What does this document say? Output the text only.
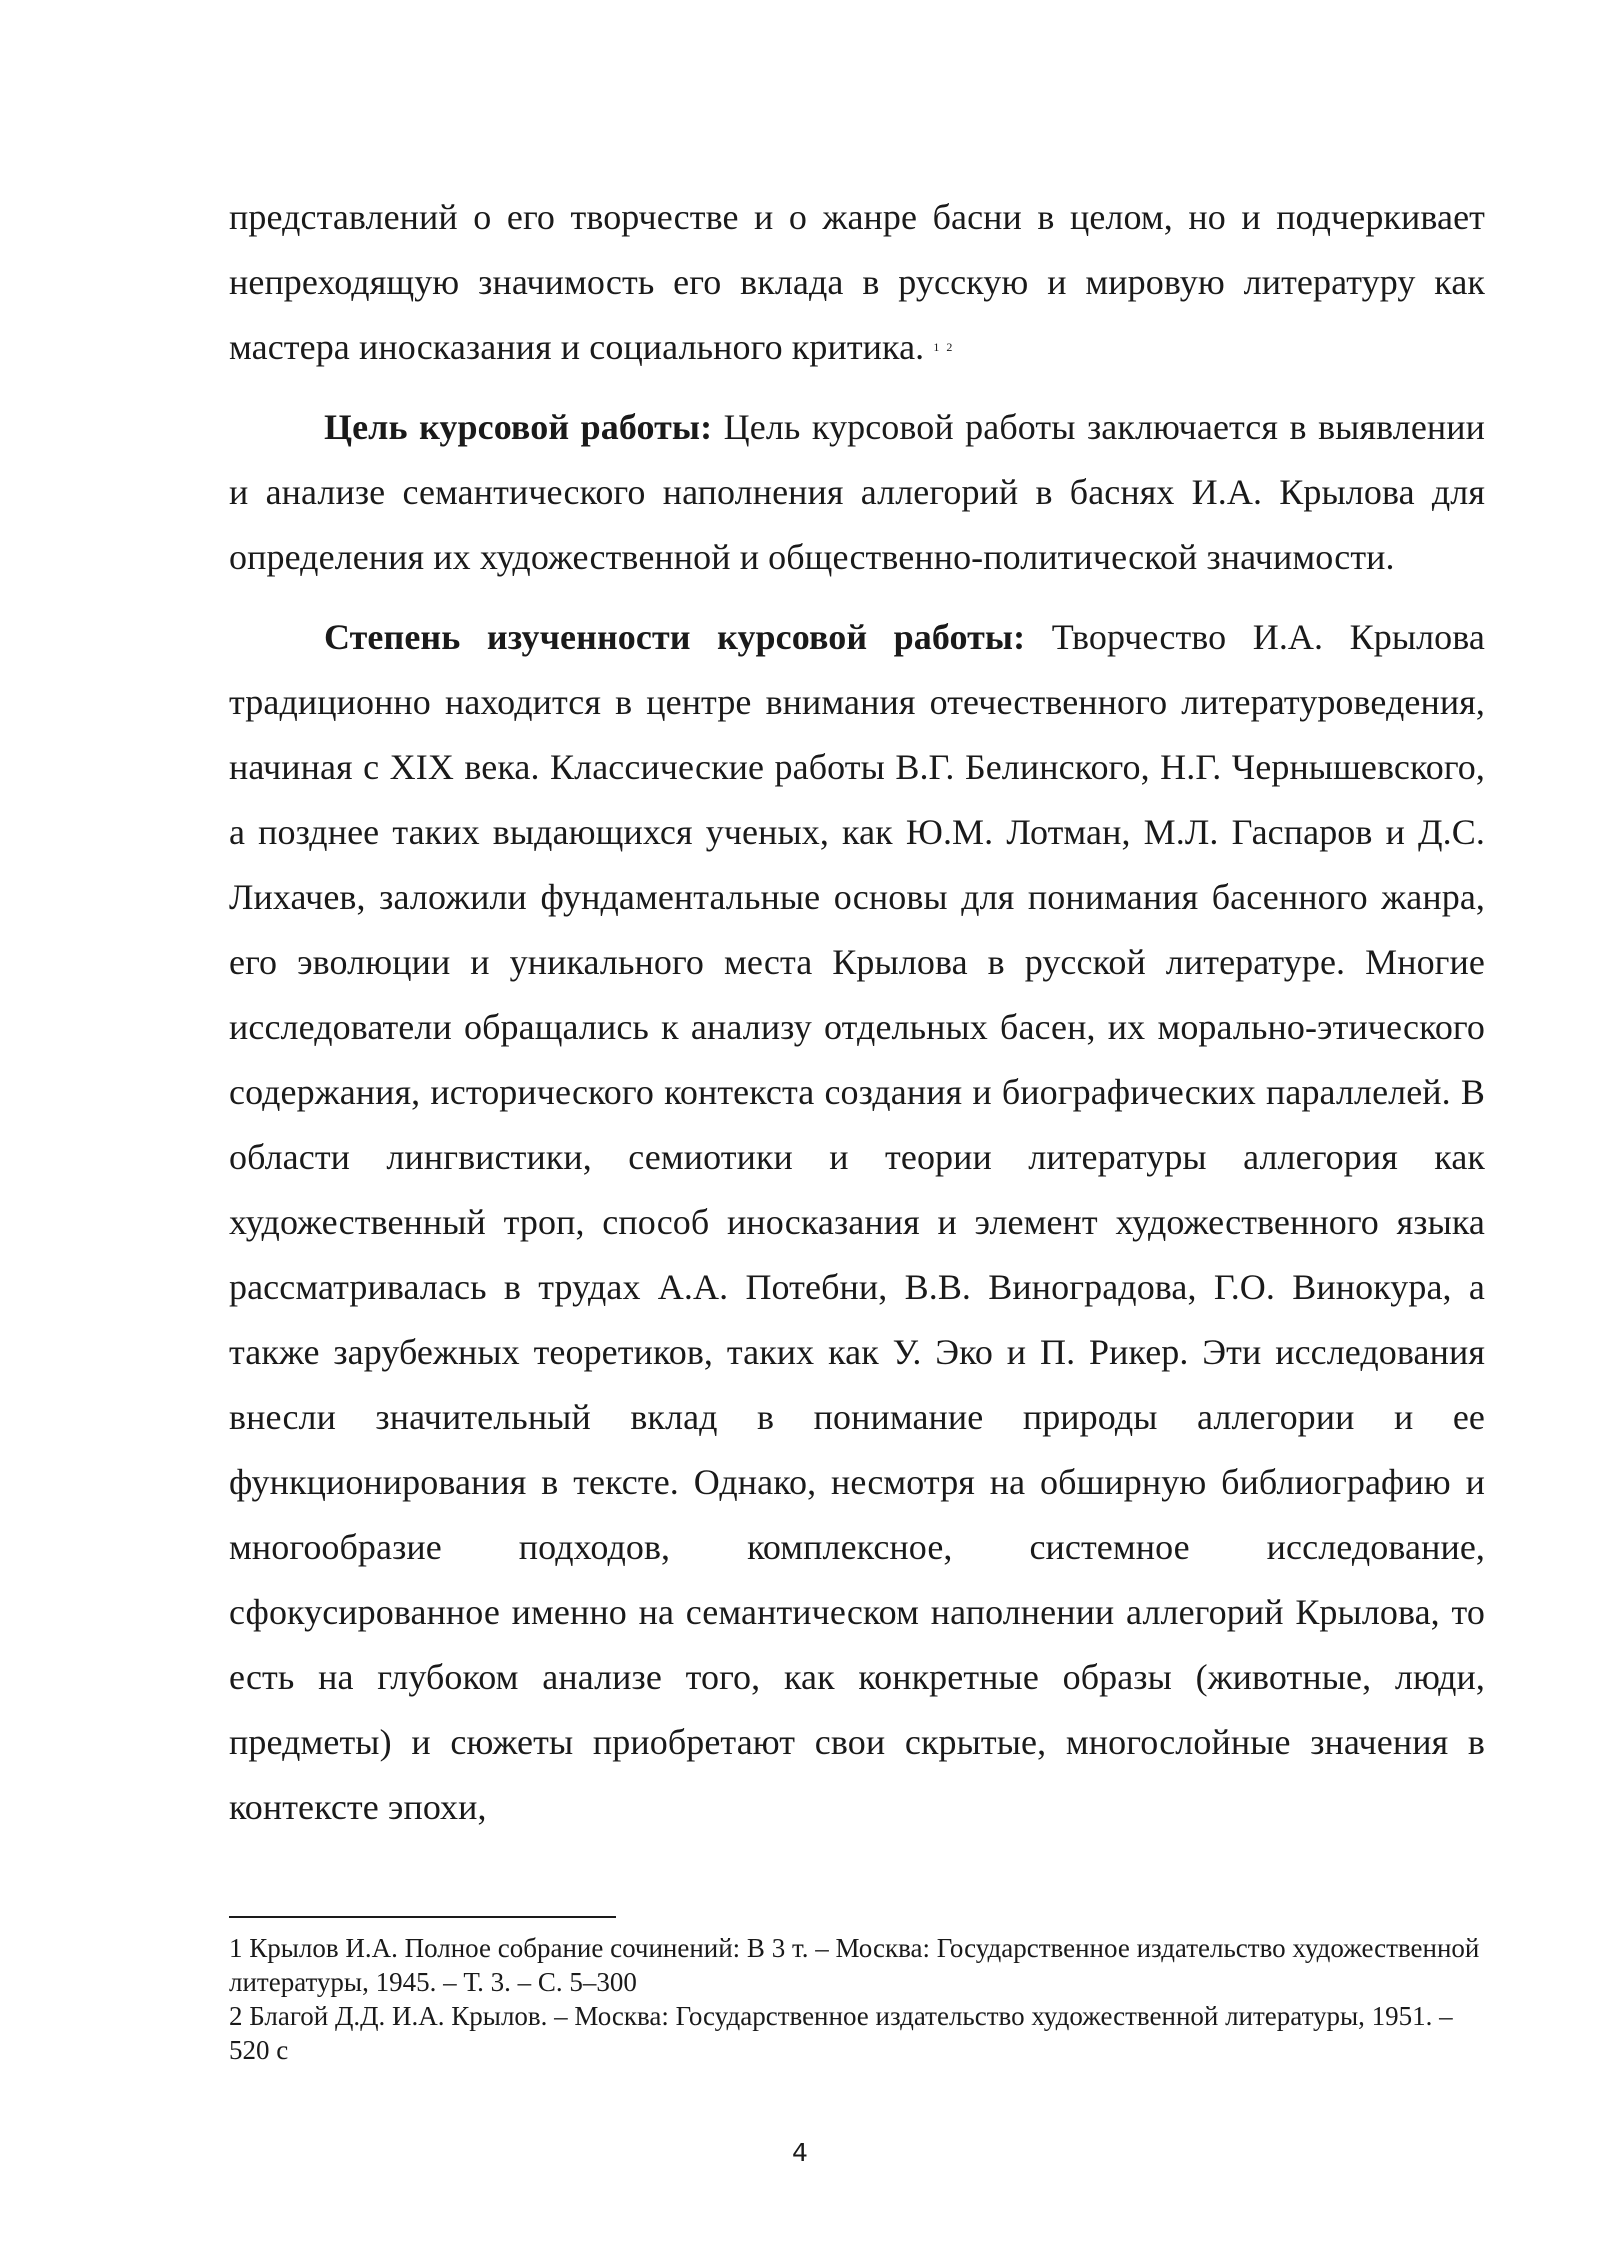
представлений о его творчестве и о жанре басни в целом, но и подчеркивает непреходящую значимость его вклада в русскую и мировую литературу как мастера иносказания и социального критика. $^{1 2}$

Цель курсовой работы: Цель курсовой работы заключается в выявлении и анализе семантического наполнения аллегорий в баснях И.А. Крылова для определения их художественной и общественно-политической значимости.

Степень изученности курсовой работы: Творчество И.А. Крылова традиционно находится в центре внимания отечественного литературоведения, начиная с XIX века. Классические работы В.Г. Белинского, Н.Г. Чернышевского, а позднее таких выдающихся ученых, как Ю.М. Лотман, М.Л. Гаспаров и Д.С. Лихачев, заложили фундаментальные основы для понимания басенного жанра, его эволюции и уникального места Крылова в русской литературе. Многие исследователи обращались к анализу отдельных басен, их морально-этического содержания, исторического контекста создания и биографических параллелей. В области лингвистики, семиотики и теории литературы аллегория как художественный троп, способ иносказания и элемент художественного языка рассматривалась в трудах А.А. Потебни, В.В. Виноградова, Г.О. Винокура, а также зарубежных теоретиков, таких как У. Эко и П. Рикер. Эти исследования внесли значительный вклад в понимание природы аллегории и ее функционирования в тексте. Однако, несмотря на обширную библиографию и многообразие подходов, комплексное, системное исследование, сфокусированное именно на семантическом наполнении аллегорий Крылова, то есть на глубоком анализе того, как конкретные образы (животные, люди, предметы) и сюжеты приобретают свои скрытые, многослойные значения в контексте эпохи,

1 Крылов И.А. Полное собрание сочинений: В 3 т. – Москва: Государственное издательство художественной литературы, 1945. – Т. 3. – С. 5–300

2 Благой Д.Д. И.А. Крылов. – Москва: Государственное издательство художественной литературы, 1951. – 520 с

4
